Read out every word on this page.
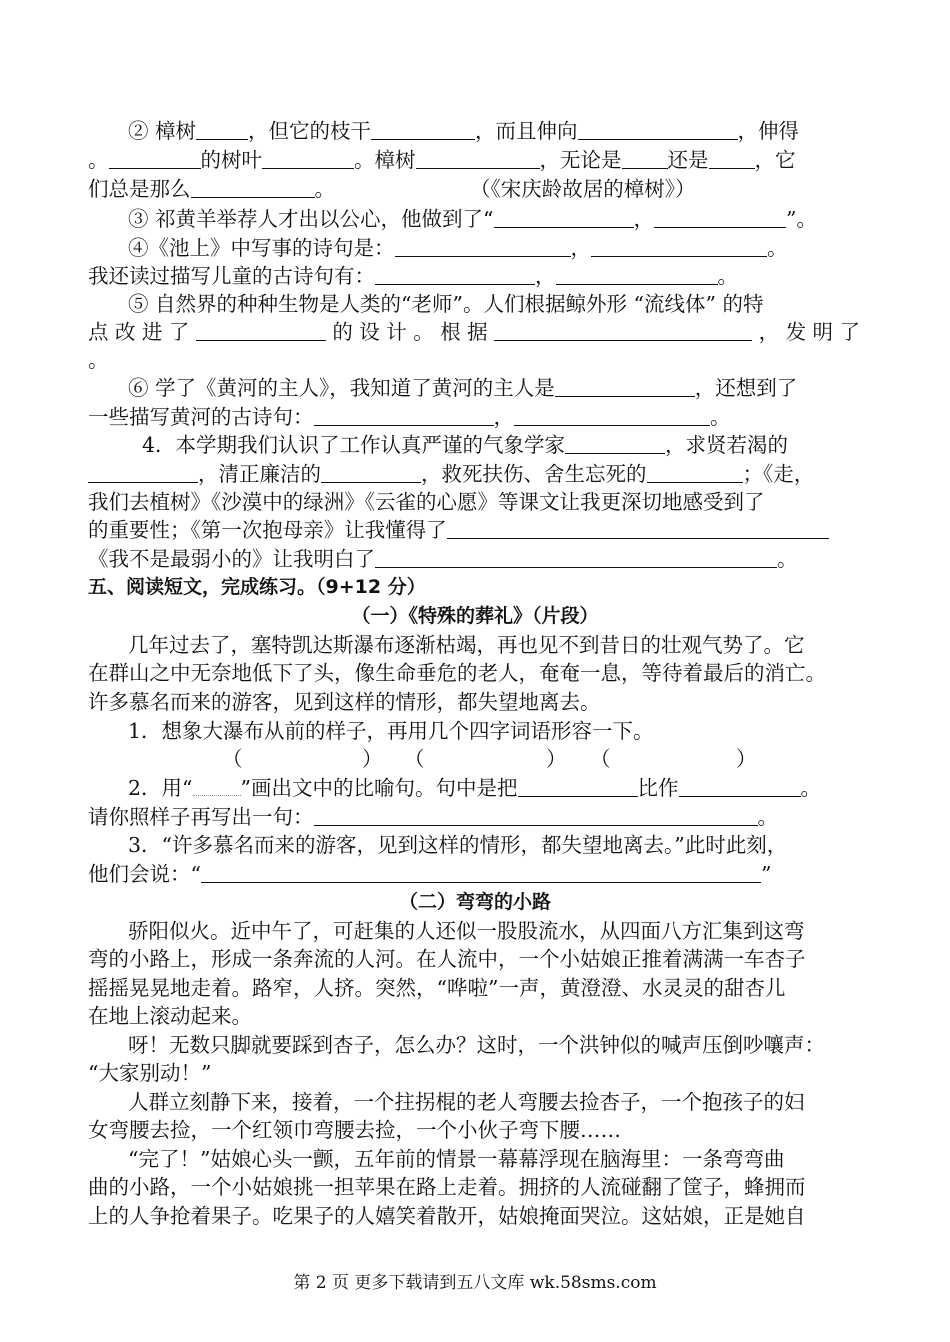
② 樟树	，但它的枝干	，而且伸向	，伸得
。	的树叶	。樟树	，无论是 还是 ，它
们总是那么	。	（《宋庆龄故居的樟树》）
③ 祁黄羊举荐人才出以公心，他做到了“	，	”。
④《池上》中写事的诗句是：	，	。
我还读过描写儿童的古诗句有：	，	。
⑤ 自然界的种种生物是人类的“老师”。人们根据鲸外形 “流线体” 的特
点改进了	的设计。根据	，发明了
。
⑥ 学了《黄河的主人》，我知道了黄河的主人是	，还想到了
一些描写黄河的古诗句：	，	。
4．本学期我们认识了工作认真严谨的气象学家	，求贤若渴的
，清正廉洁的	，救死扶伤、舍生忘死的	；《走，
我们去植树》《沙漠中的绿洲》《云雀的心愿》等课文让我更深切地感受到了
的重要性；《第一次抱母亲》让我懂得了
《我不是最弱小的》让我明白了	。
五、阅读短文，完成练习。（9+12 分）
（一）《特殊的葬礼》（片段）
几年过去了，塞特凯达斯瀑布逐渐枯竭，再也见不到昔日的壮观气势了。它
在群山之中无奈地低下了头，像生命垂危的老人，奄奄一息，等待着最后的消亡。
许多慕名而来的游客，见到这样的情形，都失望地离去。
1．想象大瀑布从前的样子，再用几个四字词语形容一下。
（	） （	） （	）
2．用“ ”画出文中的比喻句。句中是把	比作	。
请你照样子再写出一句：	。
3．“许多慕名而来的游客，见到这样的情形，都失望地离去。”此时此刻，
他们会说：“	”
（二）弯弯的小路
骄阳似火。近中午了，可赶集的人还似一股股流水，从四面八方汇集到这弯
弯的小路上，形成一条奔流的人河。在人流中，一个小姑娘正推着满满一车杏子
摇摇晃晃地走着。路窄，人挤。突然，“哗啦”一声，黄澄澄、水灵灵的甜杏儿
在地上滚动起来。
呀！无数只脚就要踩到杏子，怎么办？这时，一个洪钟似的喊声压倒吵嚷声：
“大家别动！”
人群立刻静下来，接着，一个拄拐棍的老人弯腰去捡杏子，一个抱孩子的妇
女弯腰去捡，一个红领巾弯腰去捡，一个小伙子弯下腰……
“完了！”姑娘心头一颤，五年前的情景一幕幕浮现在脑海里：一条弯弯曲
曲的小路，一个小姑娘挑一担苹果在路上走着。拥挤的人流碰翻了筐子，蜂拥而
上的人争抢着果子。吃果子的人嬉笑着散开，姑娘掩面哭泣。这姑娘，正是她自
第 2 页 更多下载请到五八文库 wk.58sms.com
